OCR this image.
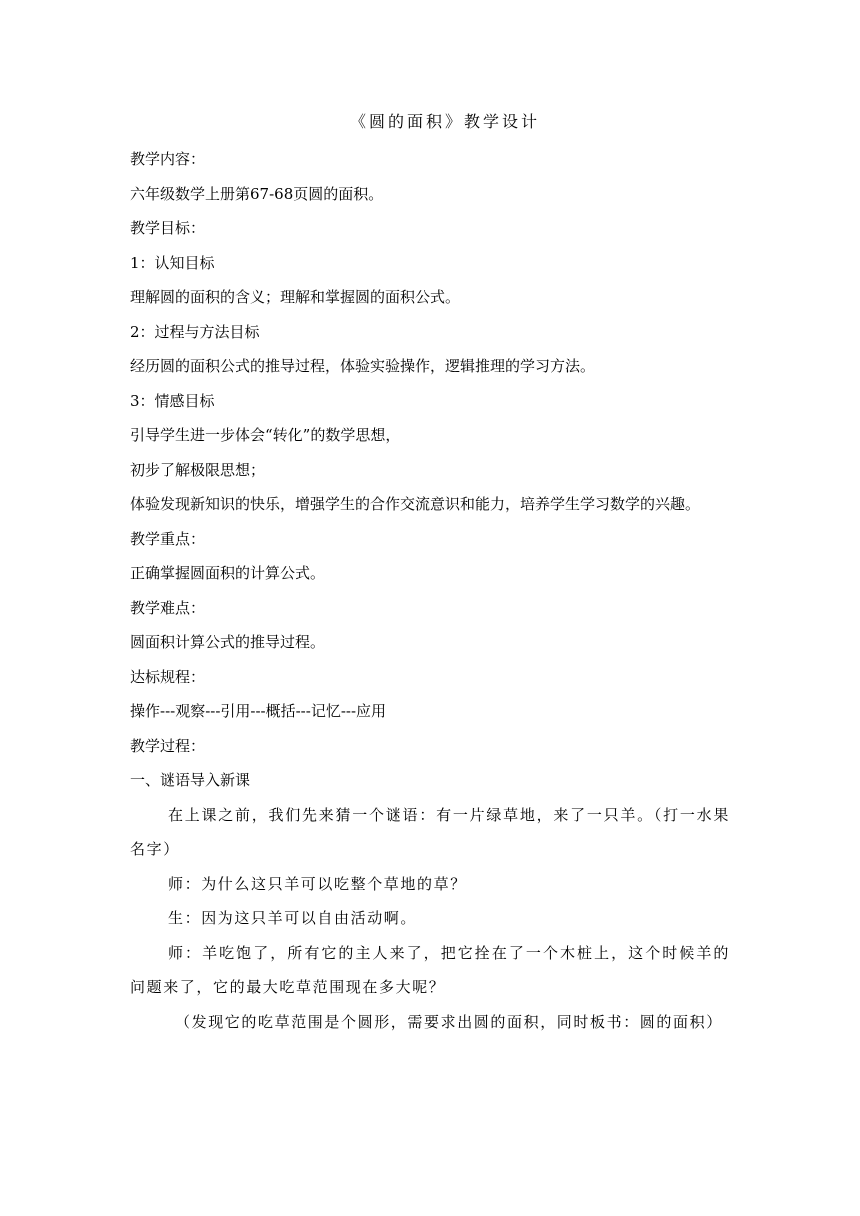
《圆的面积》教学设计

教学内容：

六年级数学上册第67-68页圆的面积。

教学目标：

1：认知目标

理解圆的面积的含义；理解和掌握圆的面积公式。

2：过程与方法目标

经历圆的面积公式的推导过程，体验实验操作，逻辑推理的学习方法。

3：情感目标

引导学生进一步体会“转化”的数学思想，

初步了解极限思想；

体验发现新知识的快乐，增强学生的合作交流意识和能力，培养学生学习数学的兴趣。

教学重点：

正确掌握圆面积的计算公式。

教学难点：

圆面积计算公式的推导过程。

达标规程：

操作---观察---引用---概括---记忆---应用

教学过程：

一、谜语导入新课

在上课之前，我们先来猜一个谜语：有一片绿草地，来了一只羊。（打一水果名字）

师：为什么这只羊可以吃整个草地的草？

生：因为这只羊可以自由活动啊。

师：羊吃饱了，所有它的主人来了，把它拴在了一个木桩上，这个时候羊的问题来了，它的最大吃草范围现在多大呢？

（发现它的吃草范围是个圆形，需要求出圆的面积，同时板书：圆的面积）
